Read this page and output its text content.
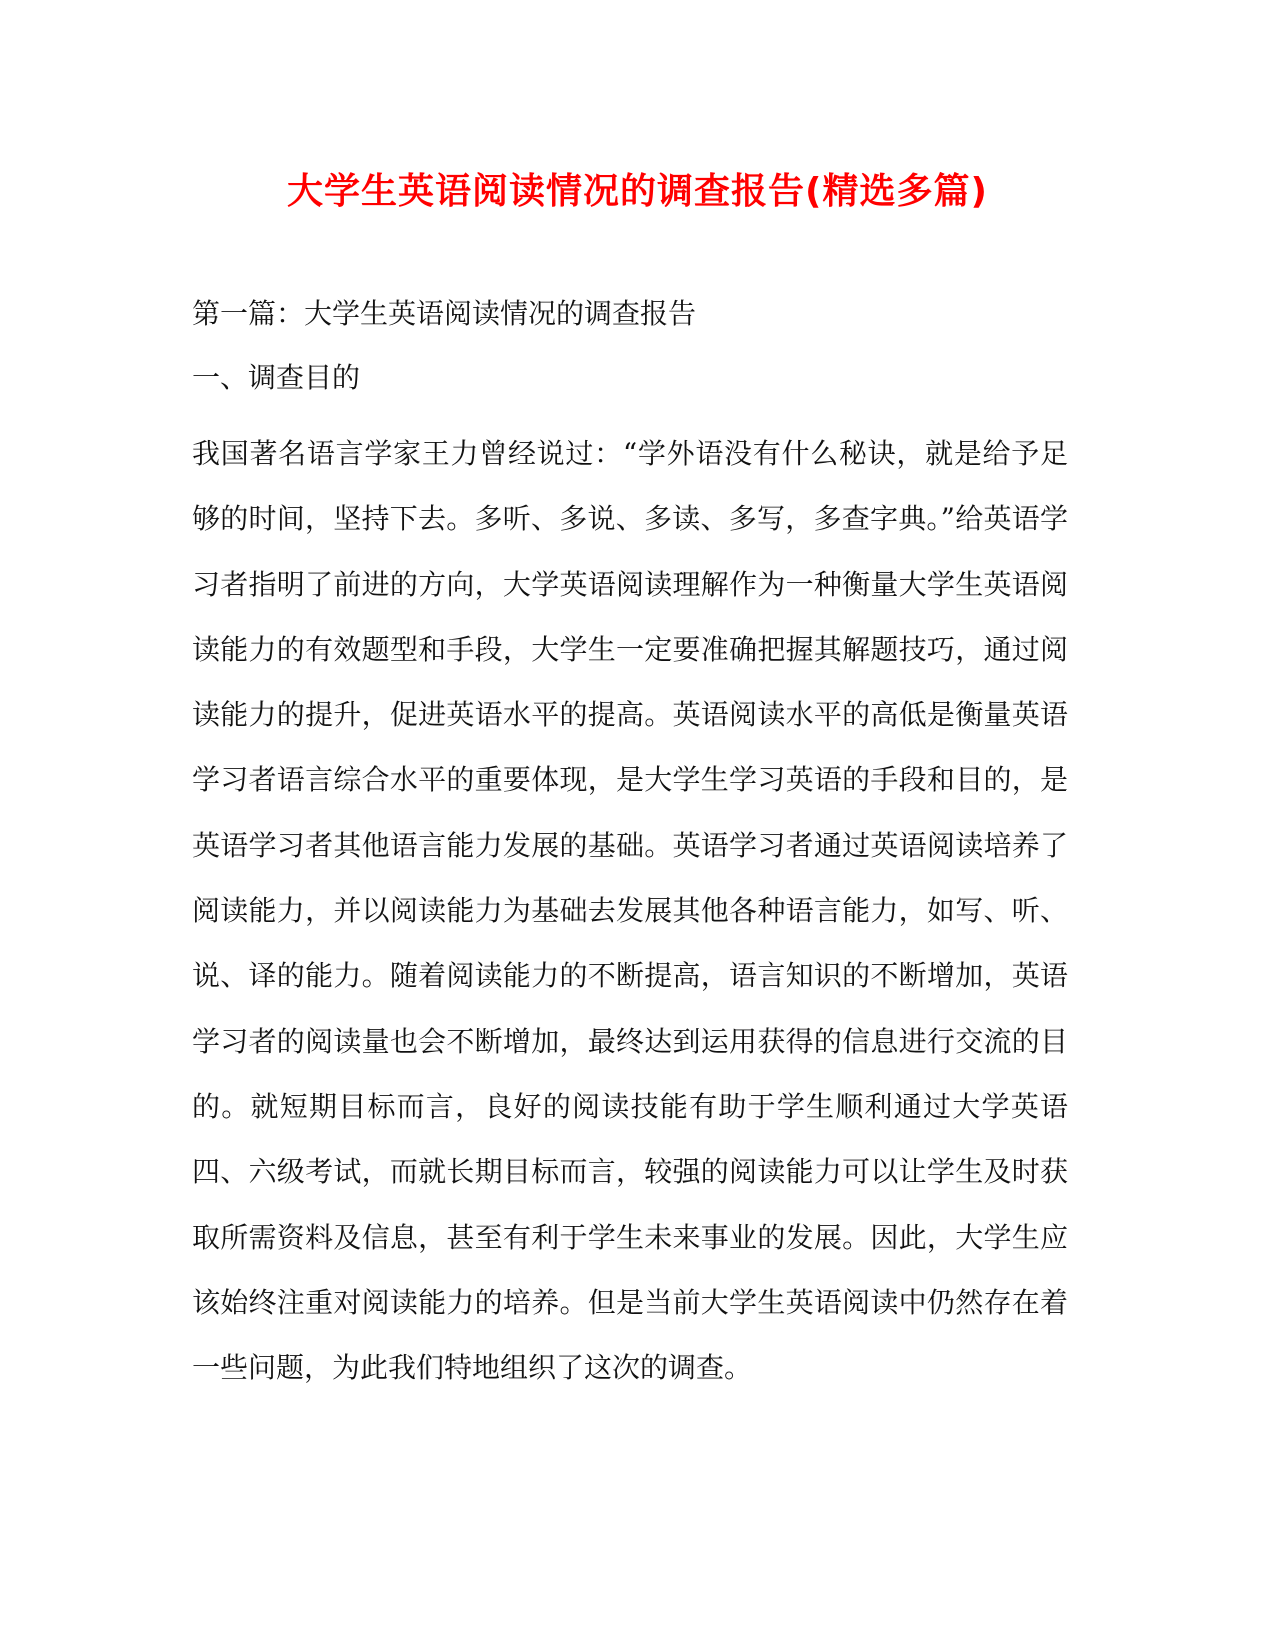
大学生英语阅读情况的调查报告(精选多篇)

第一篇：大学生英语阅读情况的调查报告

一、调查目的

我国著名语言学家王力曾经说过：“学外语没有什么秘诀，就是给予足够的时间，坚持下去。多听、多说、多读、多写，多查字典。”给英语学习者指明了前进的方向，大学英语阅读理解作为一种衡量大学生英语阅读能力的有效题型和手段，大学生一定要准确把握其解题技巧，通过阅读能力的提升，促进英语水平的提高。英语阅读水平的高低是衡量英语学习者语言综合水平的重要体现，是大学生学习英语的手段和目的，是英语学习者其他语言能力发展的基础。英语学习者通过英语阅读培养了阅读能力，并以阅读能力为基础去发展其他各种语言能力，如写、听、说、译的能力。随着阅读能力的不断提高，语言知识的不断增加，英语学习者的阅读量也会不断增加，最终达到运用获得的信息进行交流的目的。就短期目标而言，良好的阅读技能有助于学生顺利通过大学英语四、六级考试，而就长期目标而言，较强的阅读能力可以让学生及时获取所需资料及信息，甚至有利于学生未来事业的发展。因此，大学生应该始终注重对阅读能力的培养。但是当前大学生英语阅读中仍然存在着一些问题，为此我们特地组织了这次的调查。
